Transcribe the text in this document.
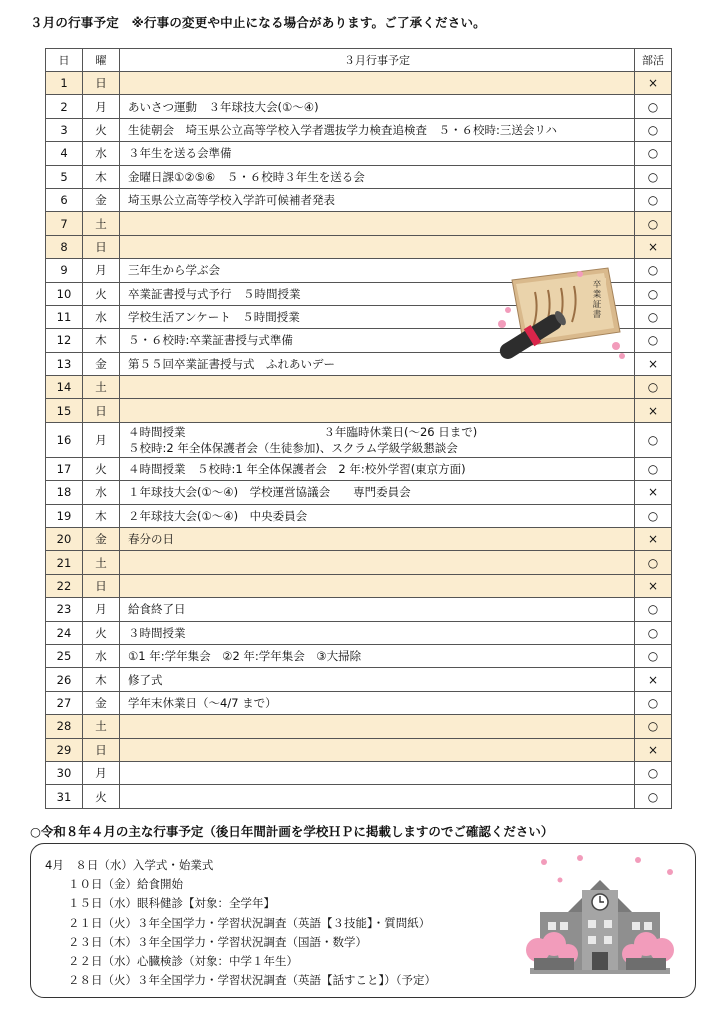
３月の行事予定　※行事の変更や中止になる場合があります。ご了承ください。
日	曜	３月行事予定	部活
1	日		×
2	月	あいさつ運動　３年球技大会(①～④)	○
3	火	生徒朝会　埼玉県公立高等学校入学者選抜学力検査追検査　５・６校時:三送会リハ	○
4	水	３年生を送る会準備	○
5	木	金曜日課①②⑤⑥　５・６校時３年生を送る会	○
6	金	埼玉県公立高等学校入学許可候補者発表	○
7	土		○
8	日		×
9	月	三年生から学ぶ会	○
10	火	卒業証書授与式予行　５時間授業	○
11	水	学校生活アンケート　５時間授業	○
12	木	５・６校時:卒業証書授与式準備	○
13	金	第５５回卒業証書授与式　ふれあいデー	×
14	土		○
15	日		×
16	月	４時間授業　　　　　　　　　　　　３年臨時休業日(～26 日まで)
５校時:2 年全体保護者会（生徒参加)、スクラム学級学級懇談会	○
17	火	４時間授業　５校時:1 年全体保護者会　2 年:校外学習(東京方面)	○
18	水	１年球技大会(①～④)　学校運営協議会　　専門委員会	×
19	木	２年球技大会(①～④)　中央委員会	○
20	金	春分の日	×
21	土		○
22	日		×
23	月	給食終了日	○
24	火	３時間授業	○
25	水	①1 年:学年集会　②2 年:学年集会　③大掃除	○
26	木	修了式	×
27	金	学年末休業日（～4/7 まで）	○
28	土		○
29	日		×
30	月		○
31	火		○
卒業証書
○令和８年４月の主な行事予定（後日年間計画を学校ＨＰに掲載しますのでご確認ください）
4月　８日（水）入学式・始業式
　　１０日（金）給食開始
　　１５日（水）眼科健診【対象：全学年】
　　２１日（火）３年全国学力・学習状況調査（英語【３技能】・質問紙）
　　２３日（木）３年全国学力・学習状況調査（国語・数学）
　　２２日（水）心臓検診（対象：中学１年生）
　　２８日（火）３年全国学力・学習状況調査（英語【話すこと】）（予定）
